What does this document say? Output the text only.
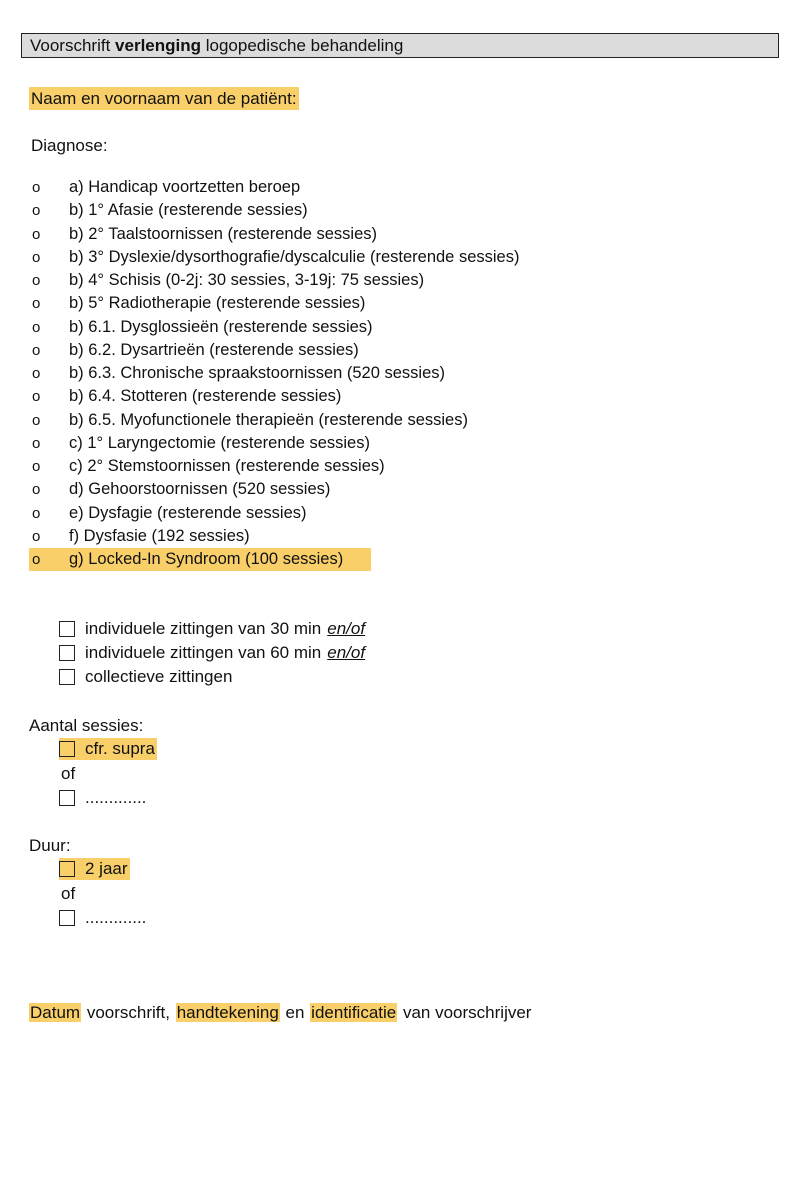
Voorschrift verlenging logopedische behandeling
Naam en voornaam van de patiënt:
Diagnose:
o	a) Handicap voortzetten beroep
o	b) 1° Afasie (resterende sessies)
o	b) 2° Taalstoornissen (resterende sessies)
o	b) 3° Dyslexie/dysorthografie/dyscalculie (resterende sessies)
o	b) 4° Schisis (0-2j: 30 sessies, 3-19j: 75 sessies)
o	b) 5° Radiotherapie (resterende sessies)
o	b) 6.1. Dysglossieën (resterende sessies)
o	b) 6.2. Dysartrieën (resterende sessies)
o	b) 6.3. Chronische spraakstoornissen (520 sessies)
o	b) 6.4. Stotteren (resterende sessies)
o	b) 6.5. Myofunctionele therapieën (resterende sessies)
o	c) 1° Laryngectomie (resterende sessies)
o	c) 2° Stemstoornissen (resterende sessies)
o	d) Gehoorstoornissen (520 sessies)
o	e) Dysfagie (resterende sessies)
o	f) Dysfasie (192 sessies)
o	g) Locked-In Syndroom (100 sessies)
individuele zittingen van 30 min en/of
individuele zittingen van 60 min en/of
collectieve zittingen
Aantal sessies:
cfr. supra
of
.............
Duur:
2 jaar
of
.............
Datum voorschrift, handtekening en identificatie van voorschrijver
